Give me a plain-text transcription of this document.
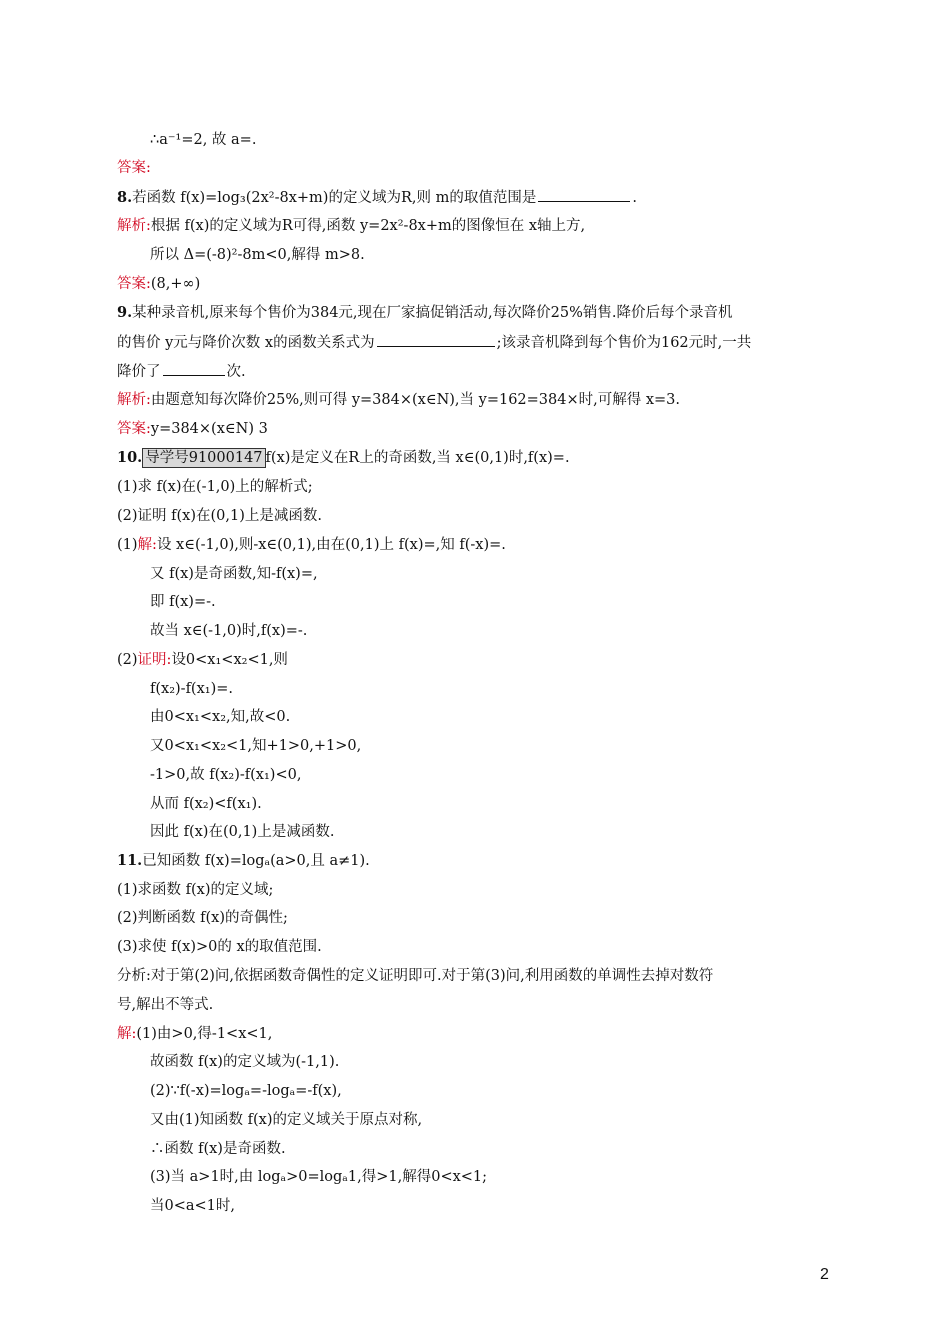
∴a⁻¹=2, 故 a=.
答案:
8.若函数 f(x)=log₃(2x²-8x+m)的定义域为R,则 m的取值范围是	.
解析:根据 f(x)的定义域为R可得,函数 y=2x²-8x+m的图像恒在 x轴上方,
所以 Δ=(-8)²-8m<0,解得 m>8.
答案:(8,+∞)
9.某种录音机,原来每个售价为384元,现在厂家搞促销活动,每次降价25%销售.降价后每个录音机
的售价 y元与降价次数 x的函数关系式为	;该录音机降到每个售价为162元时,一共
降价了	次.
解析:由题意知每次降价25%,则可得 y=384×(x∈N),当 y=162=384×时,可解得 x=3.
答案:y=384×(x∈N) 3
10. 导学号91000147 f(x)是定义在R上的奇函数,当 x∈(0,1)时,f(x)=.
(1)求 f(x)在(-1,0)上的解析式;
(2)证明 f(x)在(0,1)上是减函数.
(1)解:设 x∈(-1,0),则-x∈(0,1),由在(0,1)上 f(x)=,知 f(-x)=.
又 f(x)是奇函数,知-f(x)=,
即 f(x)=-.
故当 x∈(-1,0)时,f(x)=-.
(2)证明:设0<x₁<x₂<1,则
f(x₂)-f(x₁)=.
由0<x₁<x₂,知,故<0.
又0<x₁<x₂<1,知+1>0,+1>0,
-1>0,故 f(x₂)-f(x₁)<0,
从而 f(x₂)<f(x₁).
因此 f(x)在(0,1)上是减函数.
11.已知函数 f(x)=logₐ(a>0,且 a≠1).
(1)求函数 f(x)的定义域;
(2)判断函数 f(x)的奇偶性;
(3)求使 f(x)>0的 x的取值范围.
分析:对于第(2)问,依据函数奇偶性的定义证明即可.对于第(3)问,利用函数的单调性去掉对数符
号,解出不等式.
解:(1)由>0,得-1<x<1,
故函数 f(x)的定义域为(-1,1).
(2)∵f(-x)=logₐ=-logₐ=-f(x),
又由(1)知函数 f(x)的定义域关于原点对称,
∴函数 f(x)是奇函数.
(3)当 a>1时,由 logₐ>0=logₐ1,得>1,解得0<x<1;
当0<a<1时,
2
